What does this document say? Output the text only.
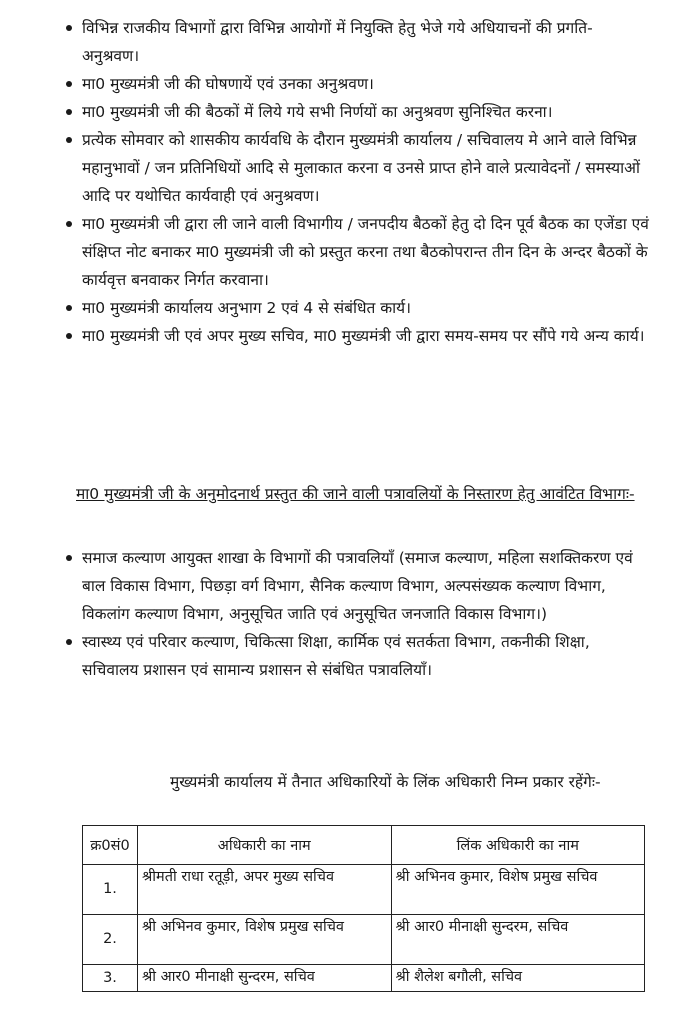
विभिन्न राजकीय विभागों द्वारा विभिन्न आयोगों में नियुक्ति हेतु भेजे गये अधियाचनों की प्रगति-अनुश्रवण।
मा0 मुख्यमंत्री जी की घोषणायें एवं उनका अनुश्रवण।
मा0 मुख्यमंत्री जी की बैठकों में लिये गये सभी निर्णयों का अनुश्रवण सुनिश्चित करना।
प्रत्येक सोमवार को शासकीय कार्यवधि के दौरान मुख्यमंत्री कार्यालय / सचिवालय मे आने वाले विभिन्न महानुभावों / जन प्रतिनिधियों आदि से मुलाकात करना व उनसे प्राप्त होने वाले प्रत्यावेदनों / समस्याओं आदि पर यथोचित कार्यवाही एवं अनुश्रवण।
मा0 मुख्यमंत्री जी द्वारा ली जाने वाली विभागीय / जनपदीय बैठकों हेतु दो दिन पूर्व बैठक का एजेंडा एवं संक्षिप्त नोट बनाकर मा0 मुख्यमंत्री जी को प्रस्तुत करना तथा बैठकोपरान्त तीन दिन के अन्दर बैठकों के कार्यवृत्त बनवाकर निर्गत करवाना।
मा0 मुख्यमंत्री कार्यालय अनुभाग 2 एवं 4 से संबंधित कार्य।
मा0 मुख्यमंत्री जी एवं अपर मुख्य सचिव, मा0 मुख्यमंत्री जी द्वारा समय-समय पर सौंपे गये अन्य कार्य।
मा0 मुख्यमंत्री जी के अनुमोदनार्थ प्रस्तुत की जाने वाली पत्रावलियों के निस्तारण हेतु आवंटित विभागः-
समाज कल्याण आयुक्त शाखा के विभागों की पत्रावलियाँ (समाज कल्याण, महिला सशक्तिकरण एवं बाल विकास विभाग, पिछड़ा वर्ग विभाग, सैनिक कल्याण विभाग, अल्पसंख्यक कल्याण विभाग, विकलांग कल्याण विभाग, अनुसूचित जाति एवं अनुसूचित जनजाति विकास विभाग।)
स्वास्थ्य एवं परिवार कल्याण, चिकित्सा शिक्षा, कार्मिक एवं सतर्कता विभाग, तकनीकी शिक्षा, सचिवालय प्रशासन एवं सामान्य प्रशासन से संबंधित पत्रावलियाँ।
मुख्यमंत्री कार्यालय में तैनात अधिकारियों के लिंक अधिकारी निम्न प्रकार रहेंगेः-
क्र0सं0	अधिकारी का नाम	लिंक अधिकारी का नाम
1.	श्रीमती राधा रतूड़ी, अपर मुख्य सचिव	श्री अभिनव कुमार, विशेष प्रमुख सचिव
2.	श्री अभिनव कुमार, विशेष प्रमुख सचिव	श्री आर0 मीनाक्षी सुन्दरम, सचिव
3.	श्री आर0 मीनाक्षी सुन्दरम, सचिव	श्री शैलेश बगौली, सचिव
